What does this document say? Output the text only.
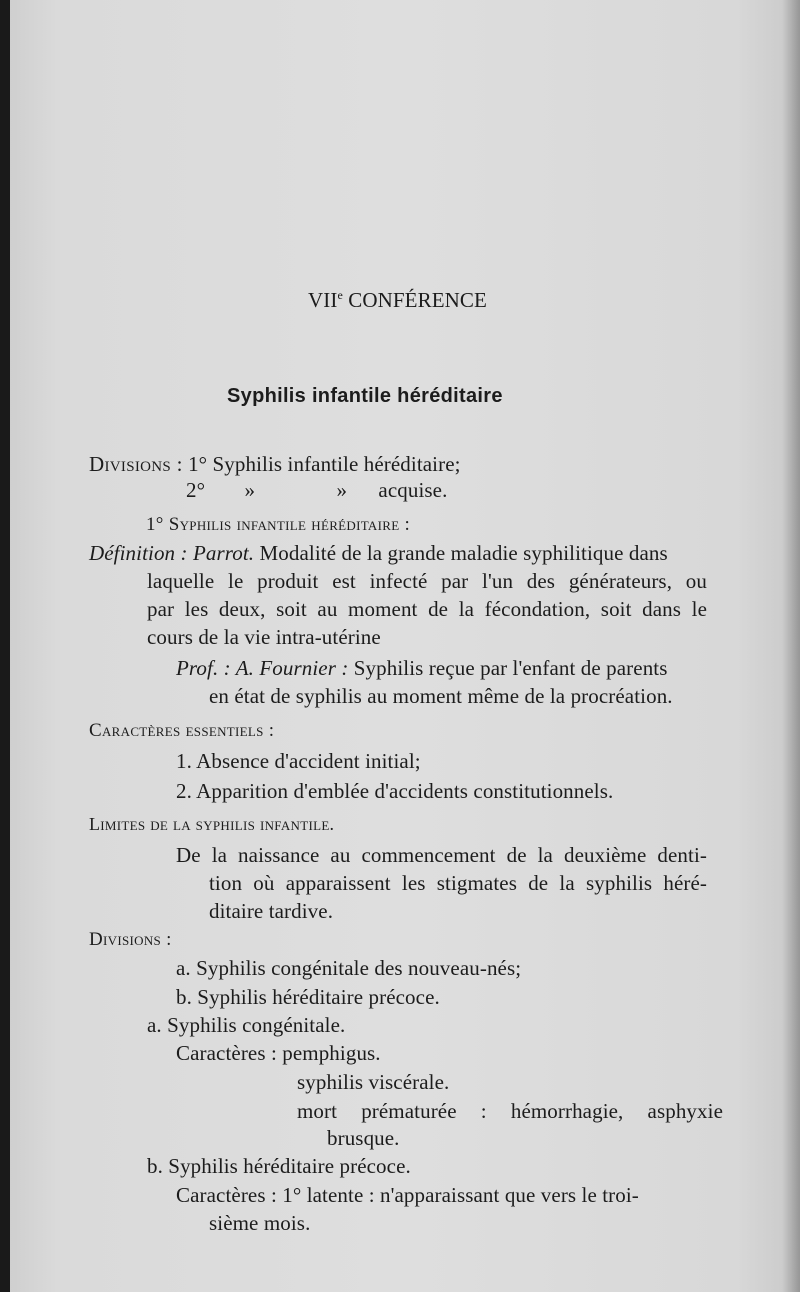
VIIe CONFÉRENCE
Syphilis infantile héréditaire
Divisions : 1° Syphilis infantile héréditaire;
2° »	» acquise.
1° Syphilis infantile héréditaire :
Définition : Parrot. Modalité de la grande maladie syphilitique dans
laquelle le produit est infecté par l'un des générateurs, ou
par les deux, soit au moment de la fécondation, soit dans le
cours de la vie intra-utérine
Prof. : A. Fournier : Syphilis reçue par l'enfant de parents
en état de syphilis au moment même de la procréation.
Caractères essentiels :
1. Absence d'accident initial;
2. Apparition d'emblée d'accidents constitutionnels.
Limites de la syphilis infantile.
De la naissance au commencement de la deuxième denti-
tion où apparaissent les stigmates de la syphilis héré-
ditaire tardive.
Divisions :
a. Syphilis congénitale des nouveau-nés;
b. Syphilis héréditaire précoce.
a. Syphilis congénitale.
Caractères : pemphigus.
syphilis viscérale.
mort prématurée : hémorrhagie, asphyxie
brusque.
b. Syphilis héréditaire précoce.
Caractères : 1° latente : n'apparaissant que vers le troi-
sième mois.
